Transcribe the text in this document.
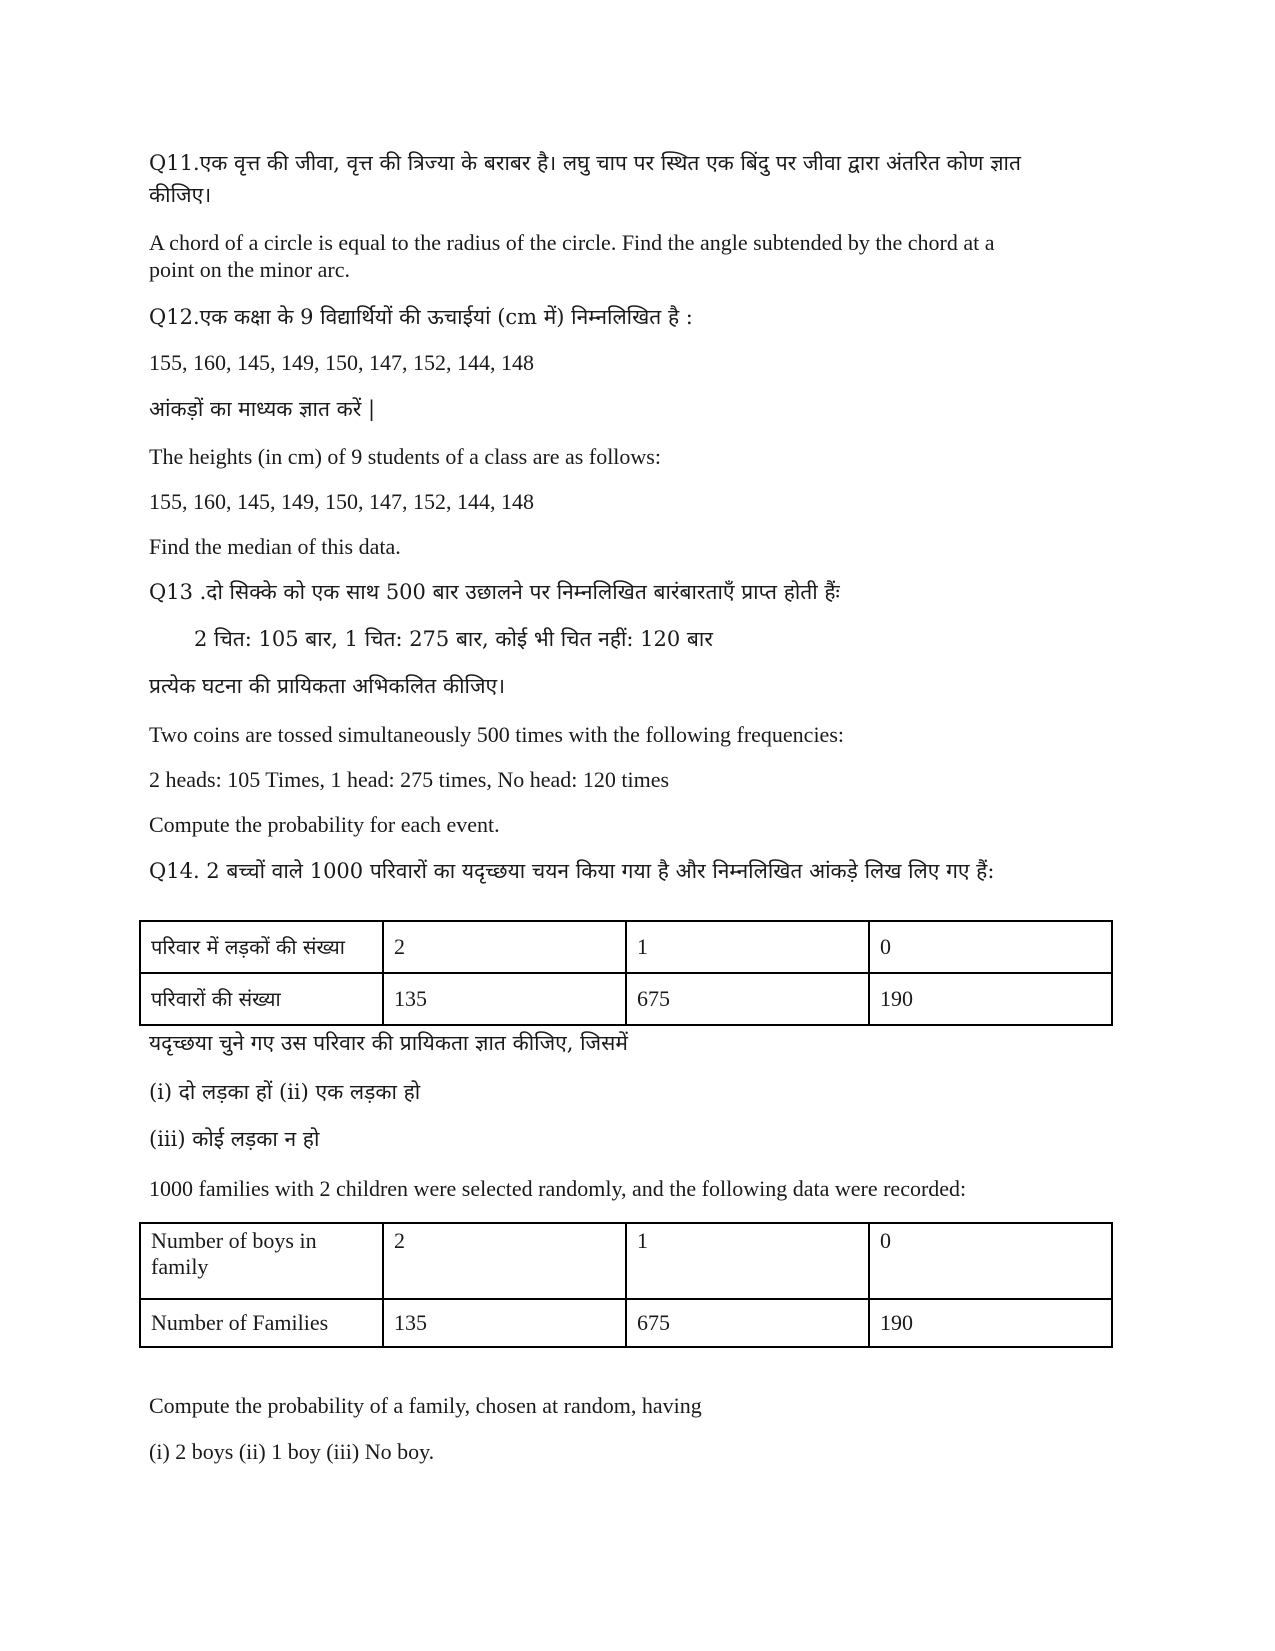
Q11.एक वृत्त की जीवा, वृत्त की त्रिज्या के बराबर है। लघु चाप पर स्थित एक बिंदु पर जीवा द्वारा अंतरित कोण ज्ञात
कीजिए।
A chord of a circle is equal to the radius of the circle. Find the angle subtended by the chord at a
point on the minor arc.
Q12.एक कक्षा के 9 विद्यार्थियों की ऊचाईयां (cm में) निम्नलिखित है :
155, 160, 145, 149, 150, 147, 152, 144, 148
आंकड़ों का माध्यक ज्ञात करें |
The heights (in cm) of 9 students of a class are as follows:
155, 160, 145, 149, 150, 147, 152, 144, 148
Find the median of this data.
Q13 .दो सिक्के को एक साथ 500 बार उछालने पर निम्नलिखित बारंबारताएँ प्राप्त होती हैंः
2 चित: 105 बार, 1 चित: 275 बार, कोई भी चित नहीं: 120 बार
प्रत्येक घटना की प्रायिकता अभिकलित कीजिए।
Two coins are tossed simultaneously 500 times with the following frequencies:
2 heads: 105 Times, 1 head: 275 times, No head: 120 times
Compute the probability for each event.
Q14. 2 बच्चों वाले 1000 परिवारों का यदृच्छया चयन किया गया है और निम्नलिखित आंकड़े लिख लिए गए हैं:
परिवार में लड़कों की संख्या	2	1	0
परिवारों की संख्या	135	675	190
यदृच्छया चुने गए उस परिवार की प्रायिकता ज्ञात कीजिए, जिसमें
(i) दो लड़का हों (ii) एक लड़का हो
(iii) कोई लड़का न हो
1000 families with 2 children were selected randomly, and the following data were recorded:
Number of boys in family	2	1	0
Number of Families	135	675	190
Compute the probability of a family, chosen at random, having
(i) 2 boys (ii) 1 boy (iii) No boy.
